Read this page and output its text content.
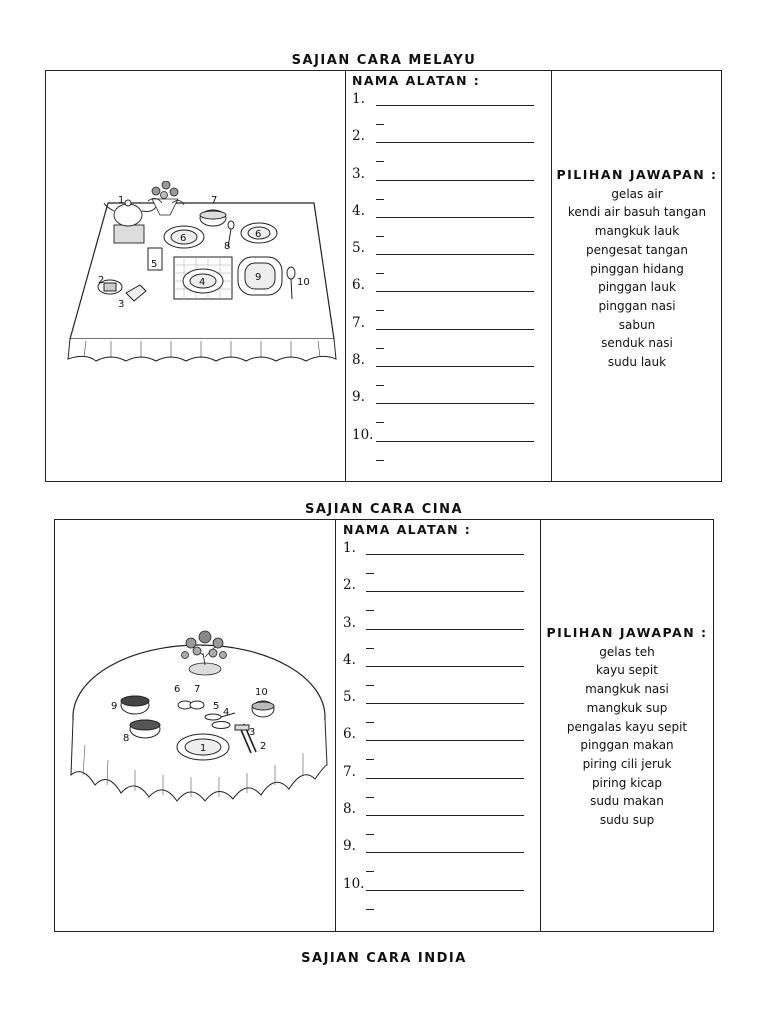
SAJIAN CARA MELAYU
1
2
3
4
5
6	6
7
8
9	10
NAMA ALATAN :
1.
2.
3.
4.
5.
6.
7.
8.
9.
10.
PILIHAN JAWAPAN :
gelas air
kendi air basuh tangan
mangkuk lauk
pengesat tangan
pinggan hidang
pinggan lauk
pinggan nasi
sabun
senduk nasi
sudu lauk
SAJIAN CARA CINA
1	2
3
4
5
6 7
8
9
10
NAMA ALATAN :
1.
2.
3.
4.
5.
6.
7.
8.
9.
10.
PILIHAN JAWAPAN :
gelas teh
kayu sepit
mangkuk nasi
mangkuk sup
pengalas kayu sepit
pinggan makan
piring cili jeruk
piring kicap
sudu makan
sudu sup
SAJIAN CARA INDIA
